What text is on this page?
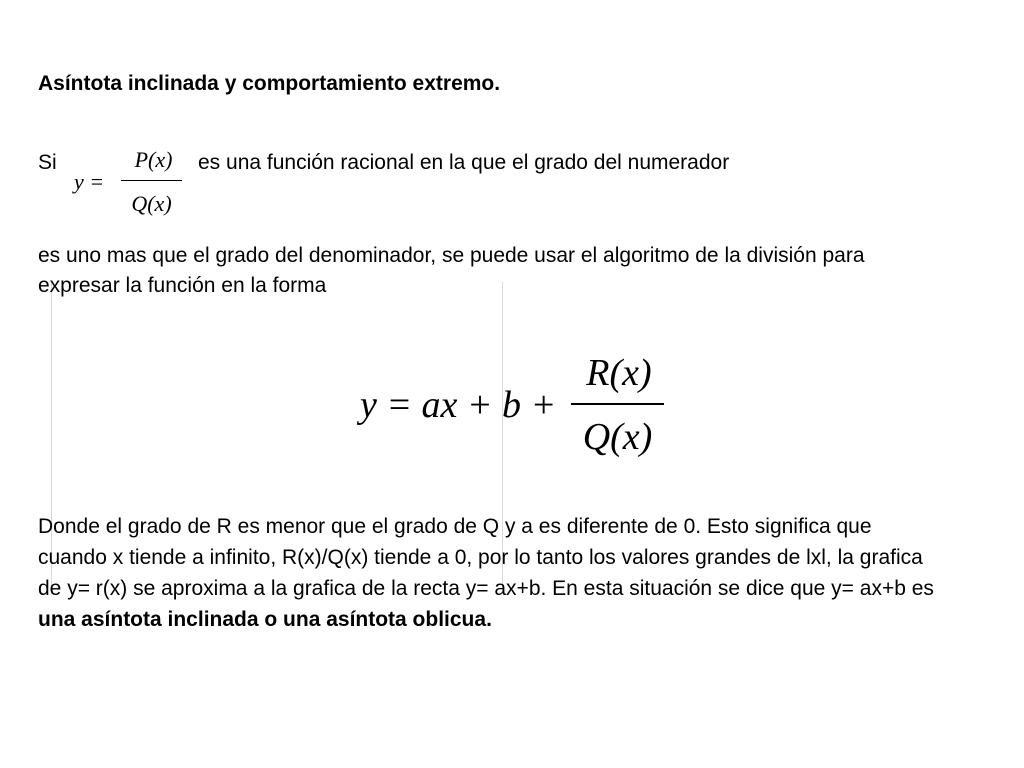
Asíntota inclinada y comportamiento extremo.
Si
y =
P(x)
Q(x)
es una función racional en la que el grado del numerador
es uno mas que el grado del denominador, se puede usar el algoritmo de la división para expresar la función en la forma
y = ax + b +
R(x)
Q(x)
Donde el grado de R es menor que el grado de Q y a es diferente de 0. Esto significa que cuando x tiende a infinito, R(x)/Q(x) tiende a 0, por lo tanto los valores grandes de lxl, la grafica de y= r(x) se aproxima a la grafica de la recta y= ax+b. En esta situación se dice que y= ax+b es una asíntota inclinada o una asíntota oblicua.
